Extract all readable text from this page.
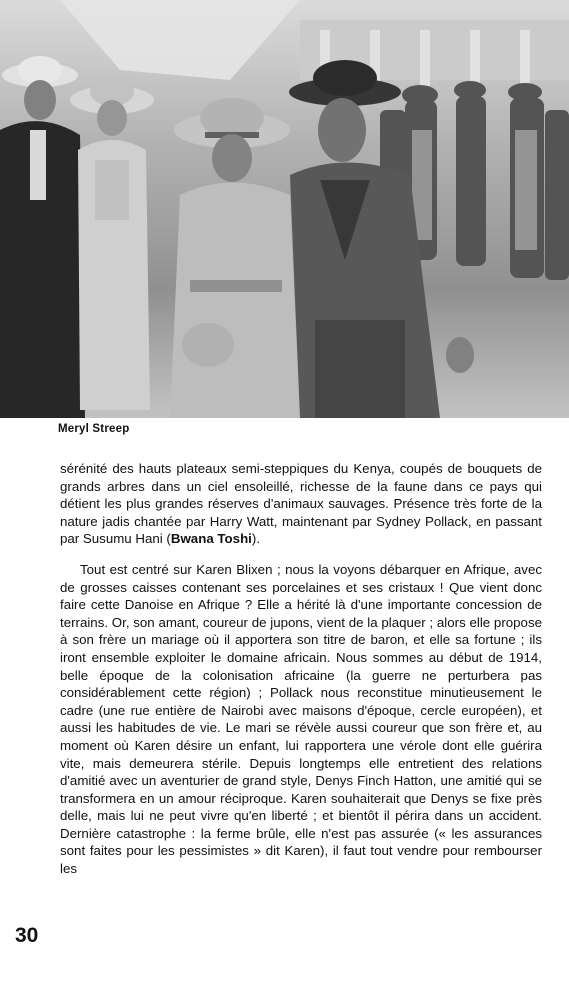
Meryl Streep

sérénité des hauts plateaux semi-steppiques du Kenya, coupés de bouquets de grands arbres dans un ciel ensoleillé, richesse de la faune dans ce pays qui détient les plus grandes réserves d'animaux sauvages. Présence très forte de la nature jadis chantée par Harry Watt, maintenant par Sydney Pollack, en passant par Susumu Hani (Bwana Toshi).

Tout est centré sur Karen Blixen ; nous la voyons débarquer en Afrique, avec de grosses caisses contenant ses porcelaines et ses cristaux ! Que vient donc faire cette Danoise en Afrique ? Elle a hérité là d'une importante concession de terrains. Or, son amant, coureur de jupons, vient de la plaquer ; alors elle propose à son frère un mariage où il apportera son titre de baron, et elle sa fortune ; ils iront ensemble exploiter le domaine africain. Nous sommes au début de 1914, belle époque de la colonisation africaine (la guerre ne perturbera pas considérablement cette région) ; Pollack nous reconstitue minutieusement le cadre (une rue entière de Nairobi avec maisons d'époque, cercle européen), et aussi les habitudes de vie. Le mari se révèle aussi coureur que son frère et, au moment où Karen désire un enfant, lui rapportera une vérole dont elle guérira vite, mais demeurera stérile. Depuis longtemps elle entretient des relations d'amitié avec un aventurier de grand style, Denys Finch Hatton, une amitié qui se transformera en un amour réciproque. Karen souhaiterait que Denys se fixe près delle, mais lui ne peut vivre qu'en liberté ; et bientôt il périra dans un accident. Dernière catastrophe : la ferme brûle, elle n'est pas assurée (« les assurances sont faites pour les pessimistes » dit Karen), il faut tout vendre pour rembourser les

30
